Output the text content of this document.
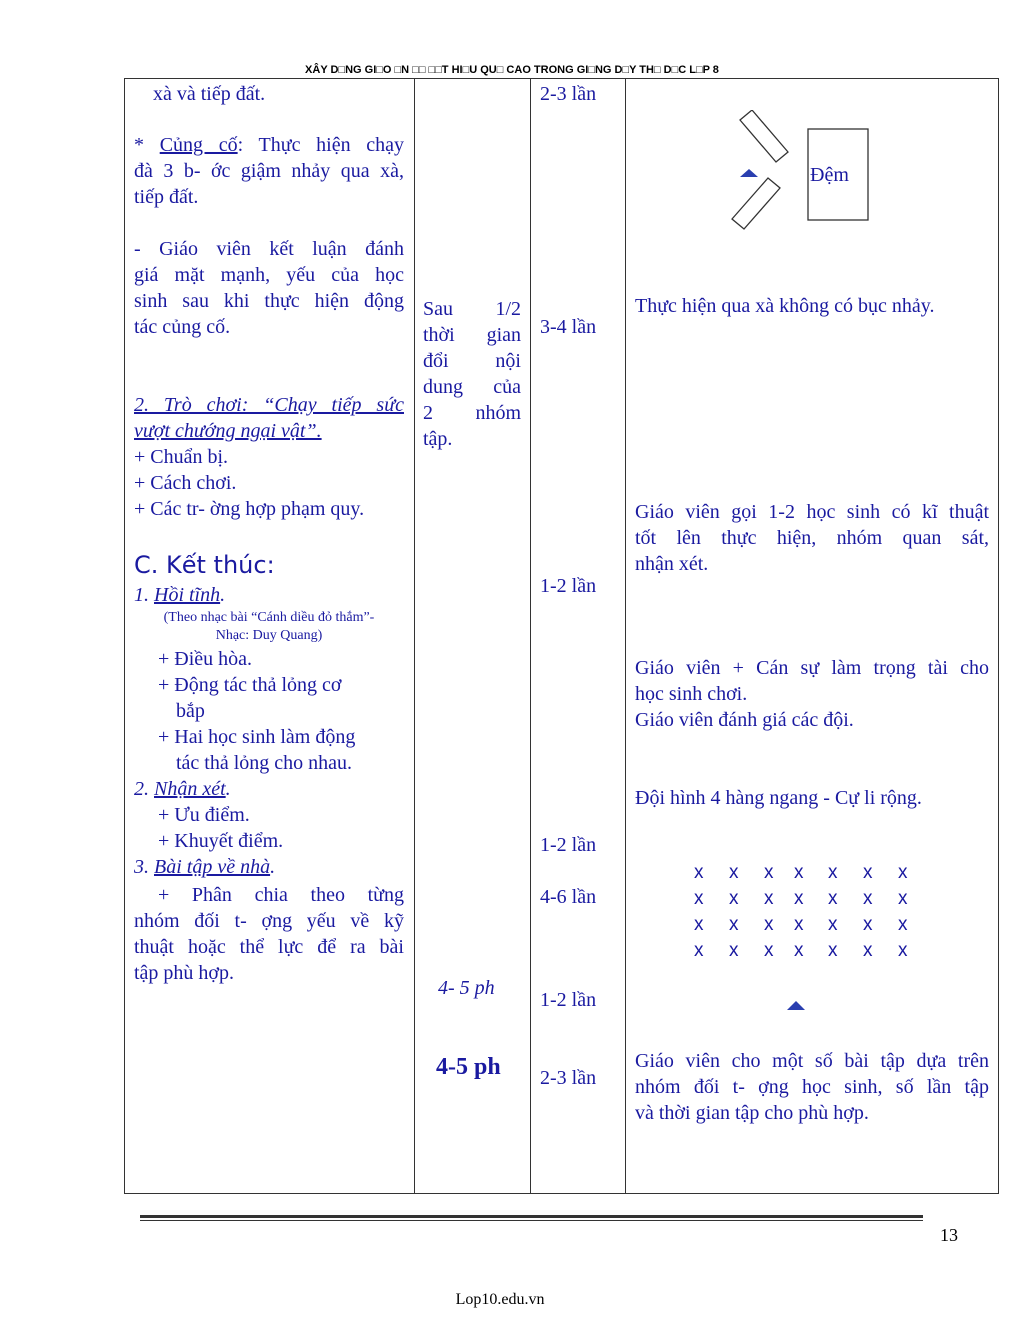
XÂY D□NG GI□O □N □□ □□T HI□U QU□ CAO TRONG GI□NG D□Y TH□ D□C L□P 8
xà và tiếp đất.
* Củng cố: Thực hiện chạy
đà 3 b- ớc giậm nhảy qua xà,
tiếp đất.
- Giáo viên kết luận đánh
giá mặt mạnh, yếu của học
sinh sau khi thực hiện động
tác củng cố.
2. Trò chơi: “Chạy tiếp sức
vượt chướng ngại vật”.
+ Chuẩn bị.
+ Cách chơi.
+ Các tr- ờng hợp phạm quy.
C. Kết thúc:
1. Hồi tĩnh.
(Theo nhạc bài “Cánh diều đỏ thắm”-
Nhạc: Duy Quang)
+ Điều hòa.
+ Động tác thả lỏng cơ
bắp
+ Hai học sinh làm động
tác thả lỏng cho nhau.
2. Nhận xét.
+ Ưu điểm.
+ Khuyết điểm.
3. Bài tập về nhà.
+ Phân chia theo từng
nhóm đối t- ợng yếu về kỹ
thuật hoặc thể lực để ra bài
tập phù hợp.
Sau 1/2
thời gian
đổi nội
dung của
2 nhóm
tập.
4- 5 ph
4-5 ph
2-3 lần
3-4 lần
1-2 lần
1-2 lần
4-6 lần
1-2 lần
2-3 lần
Đệm
Thực hiện qua xà không có bục nhảy.
Giáo viên gọi 1-2 học sinh có kĩ thuật
tốt lên thực hiện, nhóm quan sát,
nhận xét.
Giáo viên + Cán sự làm trọng tài cho
học sinh chơi.
Giáo viên đánh giá các đội.
Đội hình 4 hàng ngang - Cự li rộng.
x x x x x x x
x x x x x x x
x x x x x x x
x x x x x x x
Giáo viên cho một số bài tập dựa trên
nhóm đối t- ợng học sinh, số lần tập
và thời gian tập cho phù hợp.
13
Lop10.edu.vn
